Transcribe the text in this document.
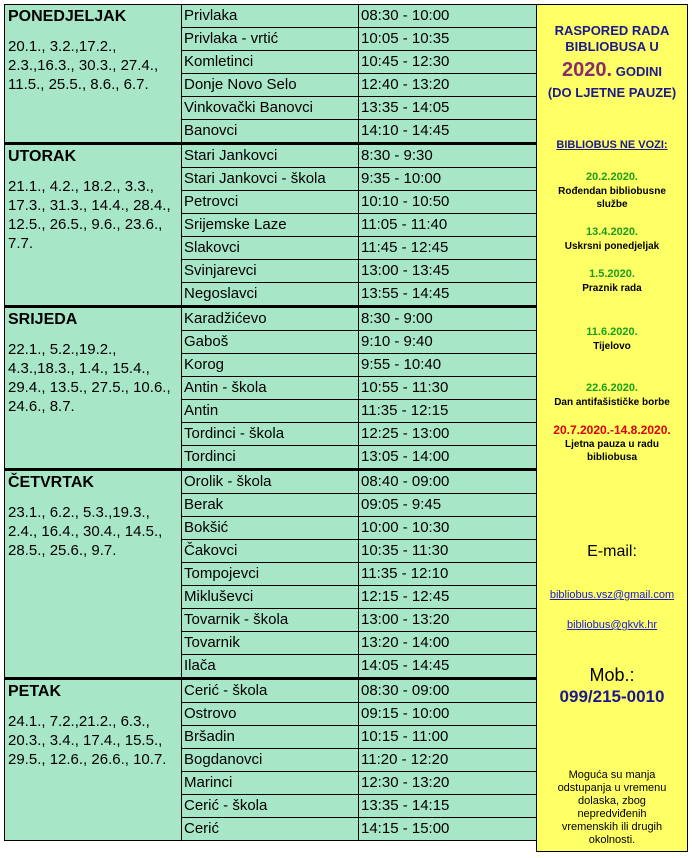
PONEDJELJAK
20.1., 3.2.,17.2., 2.3.,16.3., 30.3., 27.4., 11.5., 25.5., 8.6., 6.7.	Privlaka	08:30 - 10:00
	Privlaka - vrtić	10:05 - 10:35
	Komletinci	10:45 - 12:30
	Donje Novo Selo	12:40 - 13:20
	Vinkovački Banovci	13:35 - 14:05
	Banovci	14:10 - 14:45

UTORAK
21.1., 4.2., 18.2., 3.3., 17.3., 31.3., 14.4., 28.4., 12.5., 26.5., 9.6., 23.6., 7.7.	Stari Jankovci	8:30 - 9:30
	Stari Jankovci - škola	9:35 - 10:00
	Petrovci	10:10 - 10:50
	Srijemske Laze	11:05 - 11:40
	Slakovci	11:45 - 12:45
	Svinjarevci	13:00 - 13:45
	Negoslavci	13:55 - 14:45

SRIJEDA
22.1., 5.2.,19.2., 4.3.,18.3., 1.4., 15.4., 29.4., 13.5., 27.5., 10.6., 24.6., 8.7.	Karadžićevo	8:30 - 9:00
	Gaboš	9:10 - 9:40
	Korog	9:55 - 10:40
	Antin - škola	10:55 - 11:30
	Antin	11:35 - 12:15
	Tordinci - škola	12:25 - 13:00
	Tordinci	13:05 - 14:00

ČETVRTAK
23.1., 6.2., 5.3.,19.3., 2.4., 16.4., 30.4., 14.5., 28.5., 25.6., 9.7.	Orolik - škola	08:40 - 09:00
	Berak	09:05 - 9:45
	Bokšić	10:00 - 10:30
	Čakovci	10:35 - 11:30
	Tompojevci	11:35 - 12:10
	Mikluševci	12:15 - 12:45
	Tovarnik - škola	13:00 - 13:20
	Tovarnik	13:20 - 14:00
	Ilača	14:05 - 14:45

PETAK
24.1., 7.2.,21.2., 6.3., 20.3., 3.4., 17.4., 15.5., 29.5., 12.6., 26.6., 10.7.	Cerić - škola	08:30 - 09:00
	Ostrovo	09:15 - 10:00
	Bršadin	10:15 - 11:00
	Bogdanovci	11:20 - 12:20
	Marinci	12:30 - 13:20
	Cerić - škola	13:35 - 14:15
	Cerić	14:15 - 15:00
RASPORED RADA
BIBLIOBUSA U
2020. GODINI
(DO LJETNE PAUZE)
BIBLIOBUS NE VOZI:
20.2.2020.
Rođendan bibliobusne
službe
13.4.2020.
Uskrsni ponedjeljak
1.5.2020.
Praznik rada
11.6.2020.
Tijelovo
22.6.2020.
Dan antifašističke borbe
20.7.2020.-14.8.2020.
Ljetna pauza u radu
bibliobusa
E-mail:
bibliobus.vsz@gmail.com
bibliobus@gkvk.hr
Mob.:
099/215-0010
Moguća su manja
odstupanja u vremenu
dolaska, zbog
nepredviđenih
vremenskih ili drugih
okolnosti.
